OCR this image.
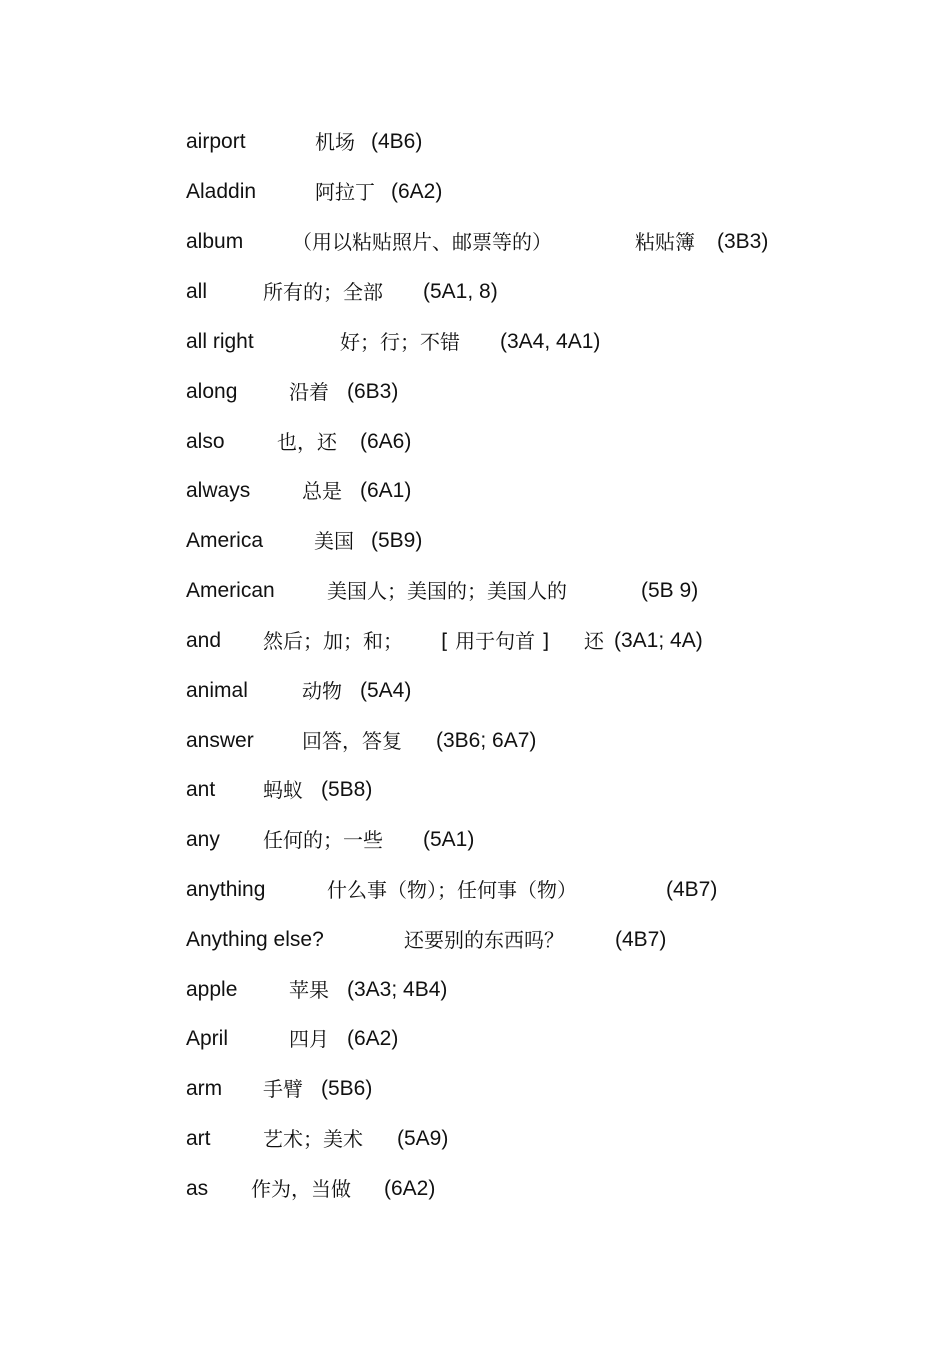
airport	机场 (4B6)
Aladdin	阿拉丁 (6A2)
album （用以粘贴照片、邮票等的）	粘贴簿 (3B3)
all	所有的；全部 (5A1, 8)
all right	好；行；不错 (3A4, 4A1)
along	沿着 (6B3)
also	也，还 (6A6)
always	总是 (6A1)
America	美国 (5B9)
American	美国人；美国的；美国人的	(5B 9)
and 然后；加；和； [ 用于句首 ] 还 (3A1; 4A)
animal	动物 (5A4)
answer 回答，答复 (3B6; 6A7)
ant 蚂蚁 (5B8)
any 任何的；一些 (5A1)
anything	什么事（物）；任何事（物）	(4B7)
Anything else?	还要别的东西吗？ (4B7)
apple	苹果 (3A3; 4B4)
April	四月 (6A2)
arm 手臂 (5B6)
art	艺术；美术 (5A9)
as 作为，当做 (6A2)
